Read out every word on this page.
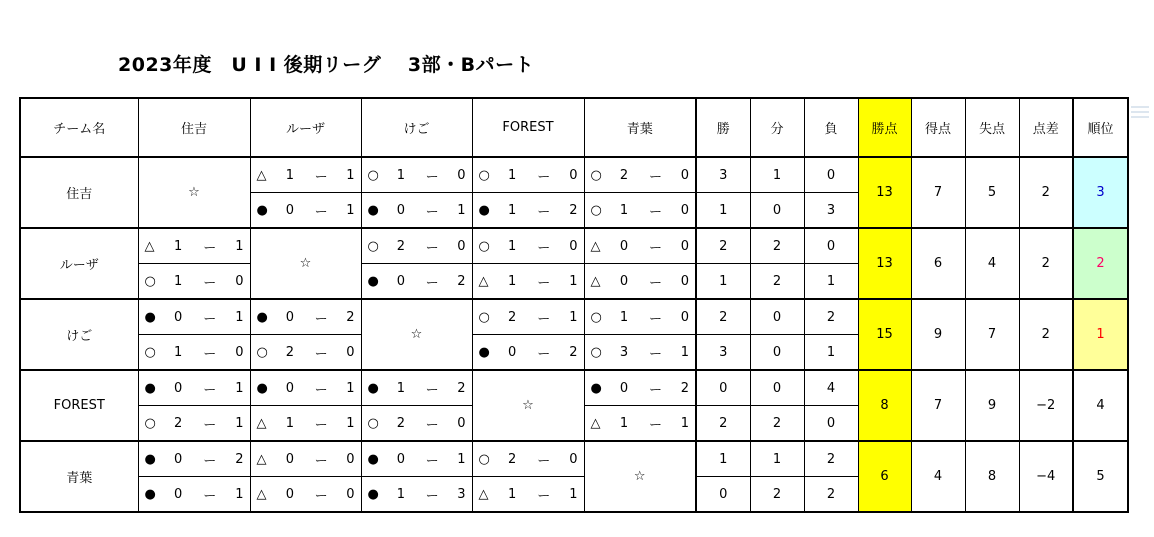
2023年度　U I I 後期リーグ　 3部・Bパート
チーム名	住吉	ルーザ	けご	FOREST	青葉	勝	分	負	勝点	得点	失点	点差	順位
住吉	☆	△ 1 ー 1	○ 1 ー 0	○ 1 ー 0	○ 2 ー 0	3	1	0	13	7	5	2	3

		● 0 ー 1	● 0 ー 1	● 1 ー 2	○ 1 ー 0	1	0	3					
ルーザ	△ 1 ー 1	☆	○ 2 ー 0	○ 1 ー 0	△ 0 ー 0	2	2	0	13	6	4	2	2

	○ 1 ー 0		● 0 ー 2	△ 1 ー 1	△ 0 ー 0	1	2	1					
けご	● 0 ー 1	● 0 ー 2	☆	○ 2 ー 1	○ 1 ー 0	2	0	2	15	9	7	2	1

	○ 1 ー 0	○ 2 ー 0		● 0 ー 2	○ 3 ー 1	3	0	1					
FOREST	● 0 ー 1	● 0 ー 1	● 1 ー 2	☆	● 0 ー 2	0	0	4	8	7	9	−2	4

	○ 2 ー 1	△ 1 ー 1	○ 2 ー 0		△ 1 ー 1	2	2	0					
青葉	● 0 ー 2	△ 0 ー 0	● 0 ー 1	○ 2 ー 0	☆	1	1	2	6	4	8	−4	5

	● 0 ー 1	△ 0 ー 0	● 1 ー 3	△ 1 ー 1		0	2	2					
